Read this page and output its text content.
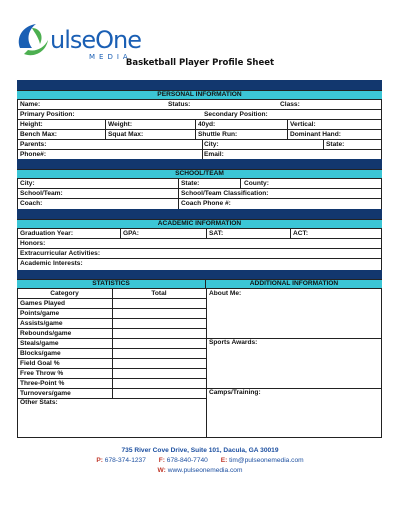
ulseOne
MEDIA
Basketball Player Profile Sheet
PERSONAL INFORMATION
Name:	Status:	Class:
Primary Position:	Secondary Position:
Height:	Weight:	40yd:	Vertical:
Bench Max:	Squat Max:	Shuttle Run:	Dominant Hand:
Parents:	City:	State:
Phone#:	Email:
SCHOOL/TEAM
City:	State:	County:
School/Team:	School/Team Classification:
Coach:	Coach Phone #:
ACADEMIC INFORMATION
Graduation Year:	GPA:	SAT:	ACT:
Honors:
Extracurricular Activities:
Academic Interests:
STATISTICS	ADDITIONAL INFORMATION
Category	Total
Games Played
Points/game
Assists/game
Rebounds/game
Steals/game
Blocks/game
Field Goal %
Free Throw %
Three-Point %
Turnovers/game
Other Stats:
About Me:
Sports Awards:
Camps/Training:
735 River Cove Drive, Suite 101, Dacula, GA 30019
P: 678-374-1237 F: 678-840-7740 E: tim@pulseonemedia.com
W: www.pulseonemedia.com
